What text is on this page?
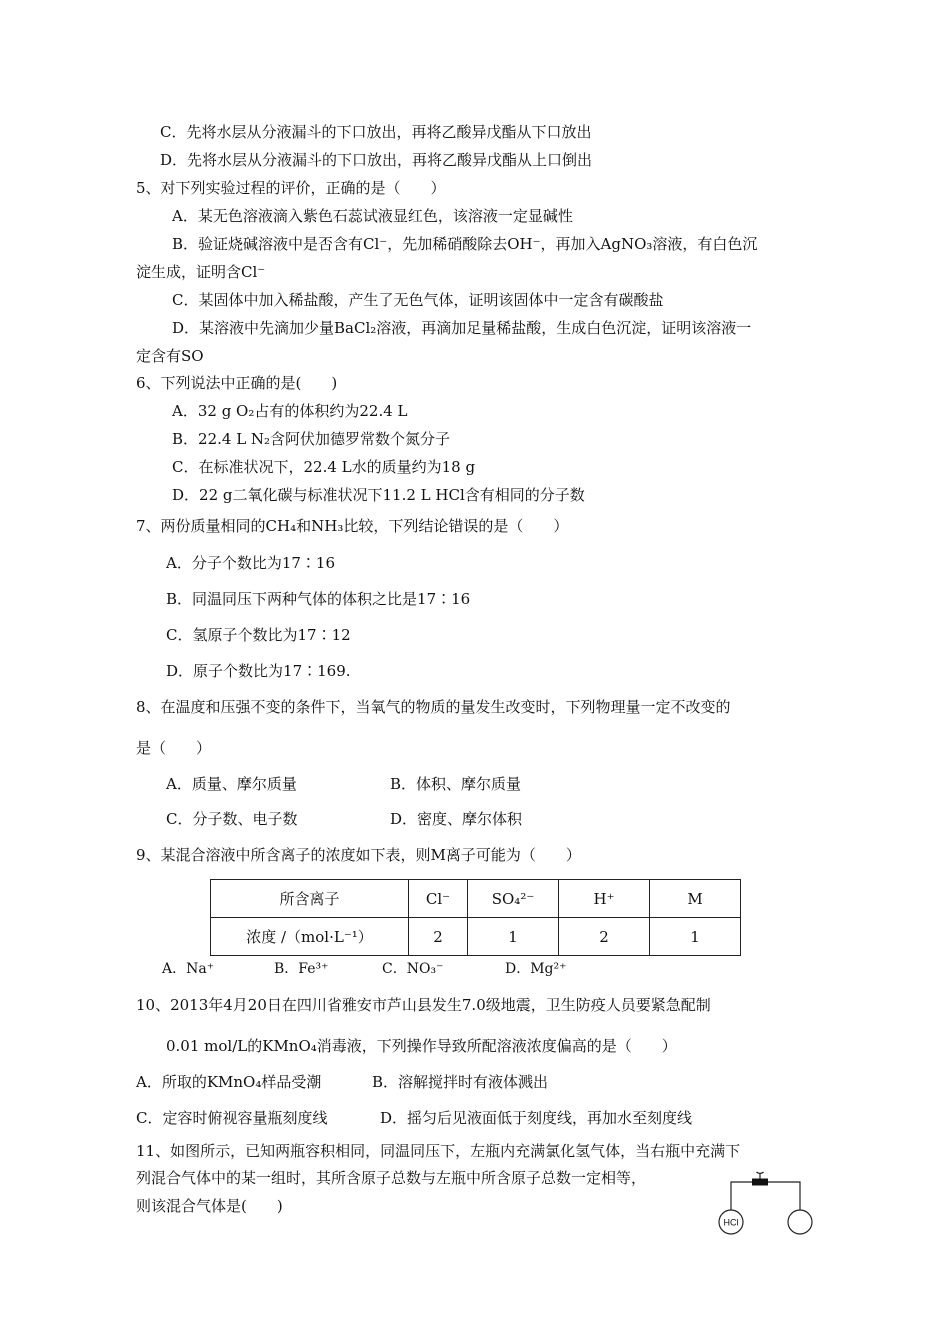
C．先将水层从分液漏斗的下口放出，再将乙酸异戊酯从下口放出
D．先将水层从分液漏斗的下口放出，再将乙酸异戊酯从上口倒出
5、对下列实验过程的评价，正确的是（　　）
A．某无色溶液滴入紫色石蕊试液显红色，该溶液一定显碱性
B．验证烧碱溶液中是否含有Cl⁻，先加稀硝酸除去OH⁻，再加入AgNO₃溶液，有白色沉
淀生成，证明含Cl⁻
C．某固体中加入稀盐酸，产生了无色气体，证明该固体中一定含有碳酸盐
D．某溶液中先滴加少量BaCl₂溶液，再滴加足量稀盐酸，生成白色沉淀，证明该溶液一
定含有SO
6、下列说法中正确的是(　　)
A．32 g O₂占有的体积约为22.4 L
B．22.4 L N₂含阿伏加德罗常数个氮分子
C．在标准状况下，22.4 L水的质量约为18 g
D．22 g二氧化碳与标准状况下11.2 L HCl含有相同的分子数
7、两份质量相同的CH₄和NH₃比较，下列结论错误的是（　　）
A．分子个数比为17∶16
B．同温同压下两种气体的体积之比是17∶16
C．氢原子个数比为17∶12
D．原子个数比为17∶169.
8、在温度和压强不变的条件下，当氧气的物质的量发生改变时，下列物理量一定不改变的
是（　　）
A．质量、摩尔质量	B．体积、摩尔质量
C．分子数、电子数	D．密度、摩尔体积
9、某混合溶液中所含离子的浓度如下表，则M离子可能为（　　）
所含离子	Cl⁻	SO₄²⁻	H⁺	M
浓度 /（mol·L⁻¹）	2	1	2	1
A．Na⁺	B．Fe³⁺	C．NO₃⁻	D．Mg²⁺
10、2013年4月20日在四川省雅安市芦山县发生7.0级地震，卫生防疫人员要紧急配制
0.01 mol/L的KMnO₄消毒液，下列操作导致所配溶液浓度偏高的是（　　）
A．所取的KMnO₄样品受潮	B．溶解搅拌时有液体溅出
C．定容时俯视容量瓶刻度线	D．摇匀后见液面低于刻度线，再加水至刻度线
11、如图所示，已知两瓶容积相同，同温同压下，左瓶内充满氯化氢气体，当右瓶中充满下
列混合气体中的某一组时，其所含原子总数与左瓶中所含原子总数一定相等，
则该混合气体是(　　)
HCl
